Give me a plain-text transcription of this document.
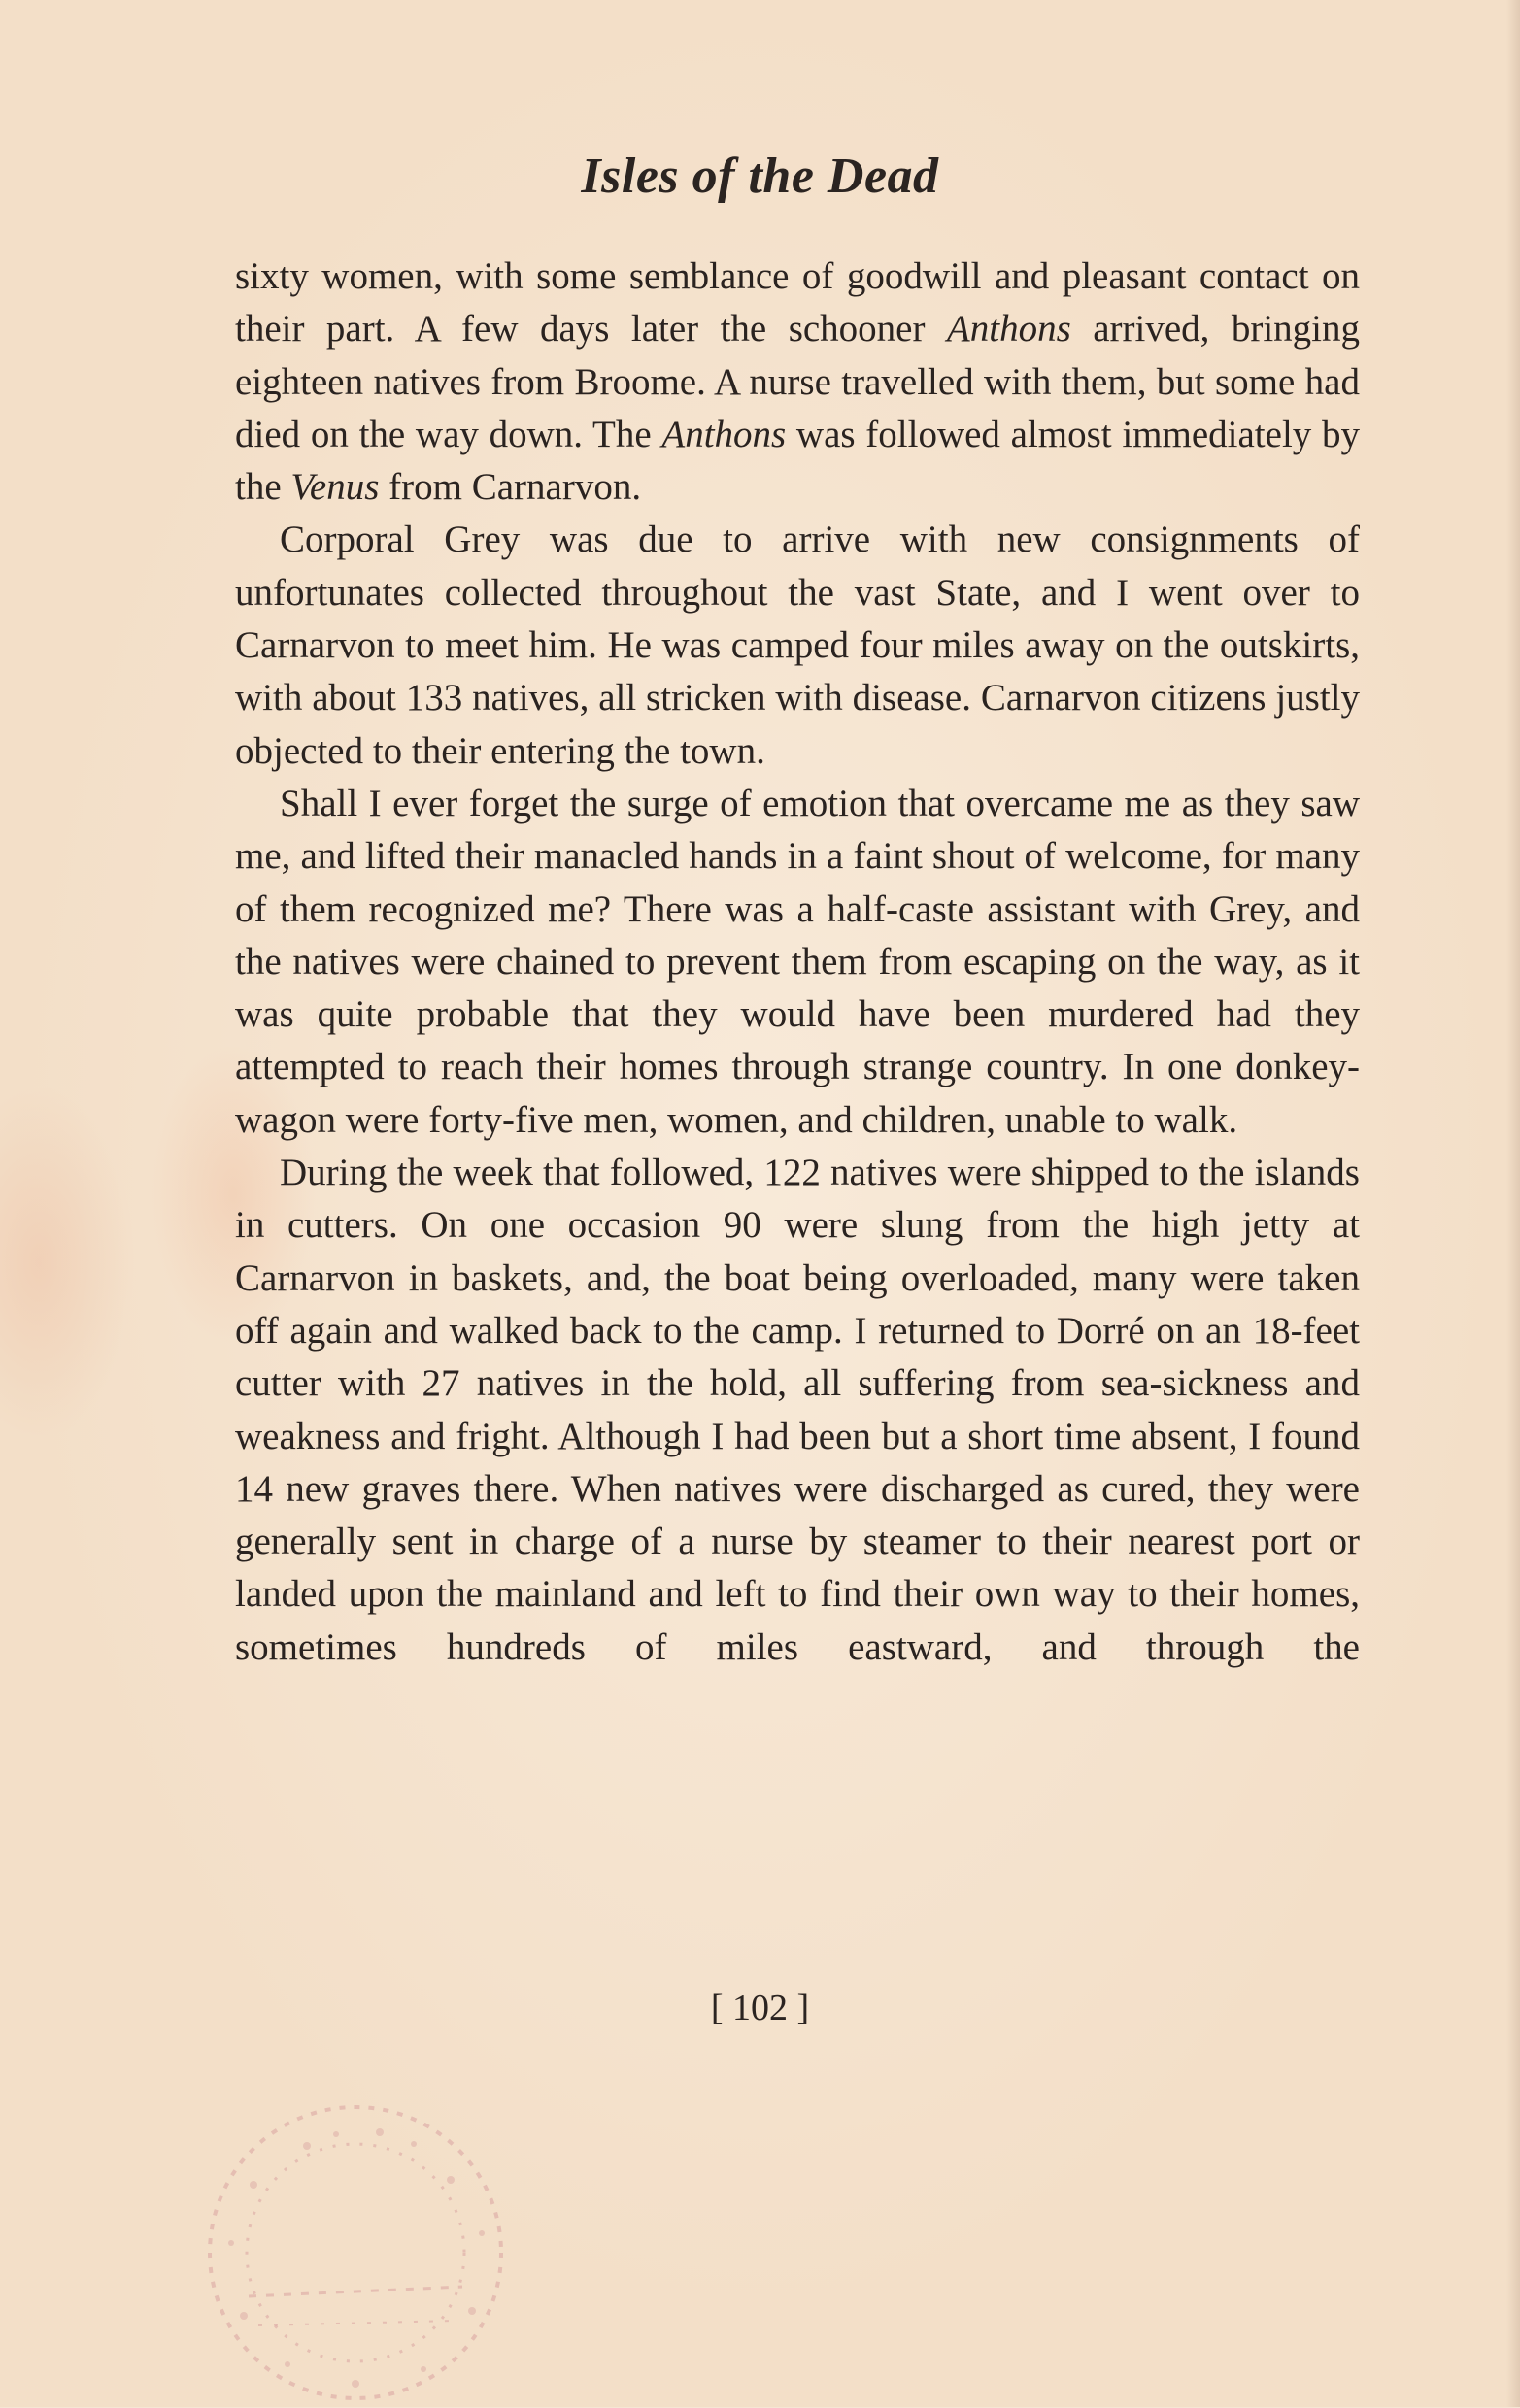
Isles of the Dead

sixty women, with some semblance of goodwill and pleasant contact on their part. A few days later the schooner Anthons arrived, bringing eighteen natives from Broome. A nurse travelled with them, but some had died on the way down. The Anthons was followed almost immediately by the Venus from Carnarvon.

Corporal Grey was due to arrive with new consignments of unfortunates collected throughout the vast State, and I went over to Carnarvon to meet him. He was camped four miles away on the outskirts, with about 133 natives, all stricken with disease. Carnarvon citizens justly objected to their entering the town.

Shall I ever forget the surge of emotion that overcame me as they saw me, and lifted their manacled hands in a faint shout of welcome, for many of them recognized me? There was a half-caste assistant with Grey, and the natives were chained to prevent them from escaping on the way, as it was quite probable that they would have been murdered had they attempted to reach their homes through strange country. In one donkey-wagon were forty-five men, women, and children, unable to walk.

During the week that followed, 122 natives were shipped to the islands in cutters. On one occasion 90 were slung from the high jetty at Carnarvon in baskets, and, the boat being overloaded, many were taken off again and walked back to the camp. I returned to Dorré on an 18-feet cutter with 27 natives in the hold, all suffering from sea-sickness and weakness and fright. Although I had been but a short time absent, I found 14 new graves there. When natives were discharged as cured, they were generally sent in charge of a nurse by steamer to their nearest port or landed upon the mainland and left to find their own way to their homes, sometimes hundreds of miles eastward, and through the

[ 102 ]
